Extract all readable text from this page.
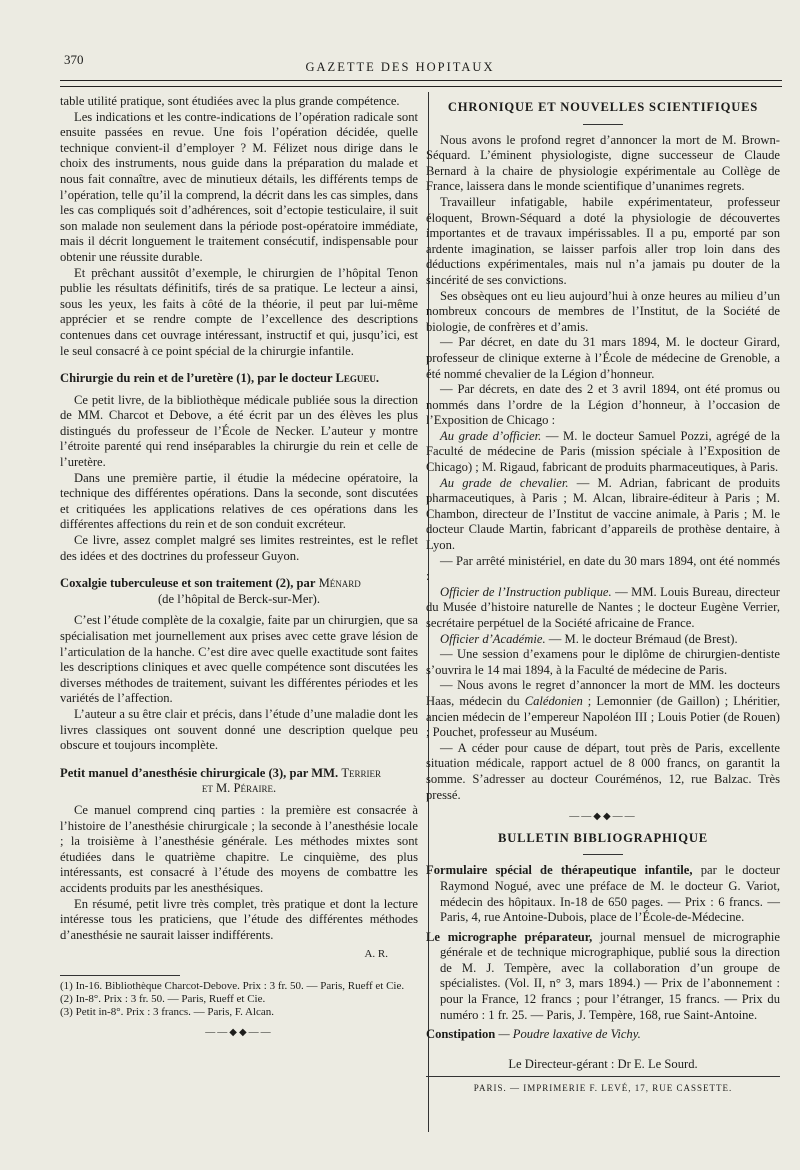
370	GAZETTE DES HOPITAUX

table utilité pratique, sont étudiées avec la plus grande compétence.

Les indications et les contre-indications de l’opération radicale sont ensuite passées en revue. Une fois l’opération décidée, quelle technique convient-il d’employer ? M. Félizet nous dirige dans le choix des instruments, nous guide dans la préparation du malade et nous fait connaître, avec de minutieux détails, les différents temps de l’opération, telle qu’il la comprend, la décrit dans les cas simples, dans les cas compliqués soit d’adhérences, soit d’ectopie testiculaire, il suit son malade non seulement dans la période post-opératoire immédiate, mais il décrit longuement le traitement consécutif, indispensable pour obtenir une réussite durable.

Et prêchant aussitôt d’exemple, le chirurgien de l’hôpital Tenon publie les résultats définitifs, tirés de sa pratique. Le lecteur a ainsi, sous les yeux, les faits à côté de la théorie, il peut par lui-même apprécier et se rendre compte de l’excellence des descriptions contenues dans cet ouvrage intéressant, instructif et qui, jusqu’ici, est le seul consacré à ce point spécial de la chirurgie infantile.

Chirurgie du rein et de l’uretère (1), par le docteur Legueu.

Ce petit livre, de la bibliothèque médicale publiée sous la direction de MM. Charcot et Debove, a été écrit par un des élèves les plus distingués du professeur de l’École de Necker. L’auteur y montre l’étroite parenté qui rend inséparables la chirurgie du rein et celle de l’uretère.

Dans une première partie, il étudie la médecine opératoire, la technique des différentes opérations. Dans la seconde, sont discutées et critiquées les applications relatives de ces opérations dans les différentes affections du rein et de son conduit excréteur.

Ce livre, assez complet malgré ses limites restreintes, est le reflet des idées et des doctrines du professeur Guyon.

Coxalgie tuberculeuse et son traitement (2), par Ménard
(de l’hôpital de Berck-sur-Mer).

C’est l’étude complète de la coxalgie, faite par un chirurgien, que sa spécialisation met journellement aux prises avec cette grave lésion de l’articulation de la hanche. C’est dire avec quelle exactitude sont faites les descriptions cliniques et avec quelle compétence sont discutées les diverses méthodes de traitement, suivant les différentes périodes et les variétés de l’affection.

L’auteur a su être clair et précis, dans l’étude d’une maladie dont les livres classiques ont souvent donné une description quelque peu obscure et toujours incomplète.

Petit manuel d’anesthésie chirurgicale (3), par MM. Terrier
et M. Péraire.

Ce manuel comprend cinq parties : la première est consacrée à l’histoire de l’anesthésie chirurgicale ; la seconde à l’anesthésie locale ; la troisième à l’anesthésie générale. Les méthodes mixtes sont étudiées dans le quatrième chapitre. Le cinquième, des plus intéressants, est consacré à l’étude des moyens de combattre les accidents produits par les anesthésiques.

En résumé, petit livre très complet, très pratique et dont la lecture intéresse tous les praticiens, que l’étude des différentes méthodes d’anesthésie ne saurait laisser indifférents.

A. R.

(1) In-16. Bibliothèque Charcot-Debove. Prix : 3 fr. 50. — Paris, Rueff et Cie.

(2) In-8°. Prix : 3 fr. 50. — Paris, Rueff et Cie.

(3) Petit in-8°. Prix : 3 francs. — Paris, F. Alcan.

——◆◆——
CHRONIQUE ET NOUVELLES SCIENTIFIQUES

Nous avons le profond regret d’annoncer la mort de M. Brown-Séquard. L’éminent physiologiste, digne successeur de Claude Bernard à la chaire de physiologie expérimentale au Collège de France, laissera dans le monde scientifique d’unanimes regrets.

Travailleur infatigable, habile expérimentateur, professeur éloquent, Brown-Séquard a doté la physiologie de découvertes importantes et de travaux impérissables. Il a pu, emporté par son ardente imagination, se laisser parfois aller trop loin dans des déductions expérimentales, mais nul n’a jamais pu douter de la sincérité de ses convictions.

Ses obsèques ont eu lieu aujourd’hui à onze heures au milieu d’un nombreux concours de membres de l’Institut, de la Société de biologie, de confrères et d’amis.

— Par décret, en date du 31 mars 1894, M. le docteur Girard, professeur de clinique externe à l’École de médecine de Grenoble, a été nommé chevalier de la Légion d’honneur.

— Par décrets, en date des 2 et 3 avril 1894, ont été promus ou nommés dans l’ordre de la Légion d’honneur, à l’occasion de l’Exposition de Chicago :

Au grade d’officier. — M. le docteur Samuel Pozzi, agrégé de la Faculté de médecine de Paris (mission spéciale à l’Exposition de Chicago) ; M. Rigaud, fabricant de produits pharmaceutiques, à Paris.

Au grade de chevalier. — M. Adrian, fabricant de produits pharmaceutiques, à Paris ; M. Alcan, libraire-éditeur à Paris ; M. Chambon, directeur de l’Institut de vaccine animale, à Paris ; M. le docteur Claude Martin, fabricant d’appareils de prothèse dentaire, à Lyon.

— Par arrêté ministériel, en date du 30 mars 1894, ont été nommés :

Officier de l’Instruction publique. — MM. Louis Bureau, directeur du Musée d’histoire naturelle de Nantes ; le docteur Eugène Verrier, secrétaire perpétuel de la Société africaine de France.

Officier d’Académie. — M. le docteur Brémaud (de Brest).

— Une session d’examens pour le diplôme de chirurgien-dentiste s’ouvrira le 14 mai 1894, à la Faculté de médecine de Paris.

— Nous avons le regret d’annoncer la mort de MM. les docteurs Haas, médecin du Calédonien ; Lemonnier (de Gaillon) ; Lhéritier, ancien médecin de l’empereur Napoléon III ; Louis Potier (de Rouen) ; Pouchet, professeur au Muséum.

— A céder pour cause de départ, tout près de Paris, excellente situation médicale, rapport actuel de 8 000 francs, on garantit la somme. S’adresser au docteur Couréménos, 12, rue Balzac. Très pressé.

——◆◆——
BULLETIN BIBLIOGRAPHIQUE

Formulaire spécial de thérapeutique infantile, par le docteur Raymond Nogué, avec une préface de M. le docteur G. Variot, médecin des hôpitaux. In-18 de 650 pages. — Prix : 6 francs. — Paris, 4, rue Antoine-Dubois, place de l’École-de-Médecine.

Le micrographe préparateur, journal mensuel de micrographie générale et de technique micrographique, publié sous la direction de M. J. Tempère, avec la collaboration d’un groupe de spécialistes. (Vol. II, n° 3, mars 1894.) — Prix de l’abonnement : pour la France, 12 francs ; pour l’étranger, 15 francs. — Prix du numéro : 1 fr. 25. — Paris, J. Tempère, 168, rue Saint-Antoine.

Constipation — Poudre laxative de Vichy.

Le Directeur-gérant : Dr E. Le Sourd.
PARIS. — IMPRIMERIE F. LEVÉ, 17, RUE CASSETTE.
